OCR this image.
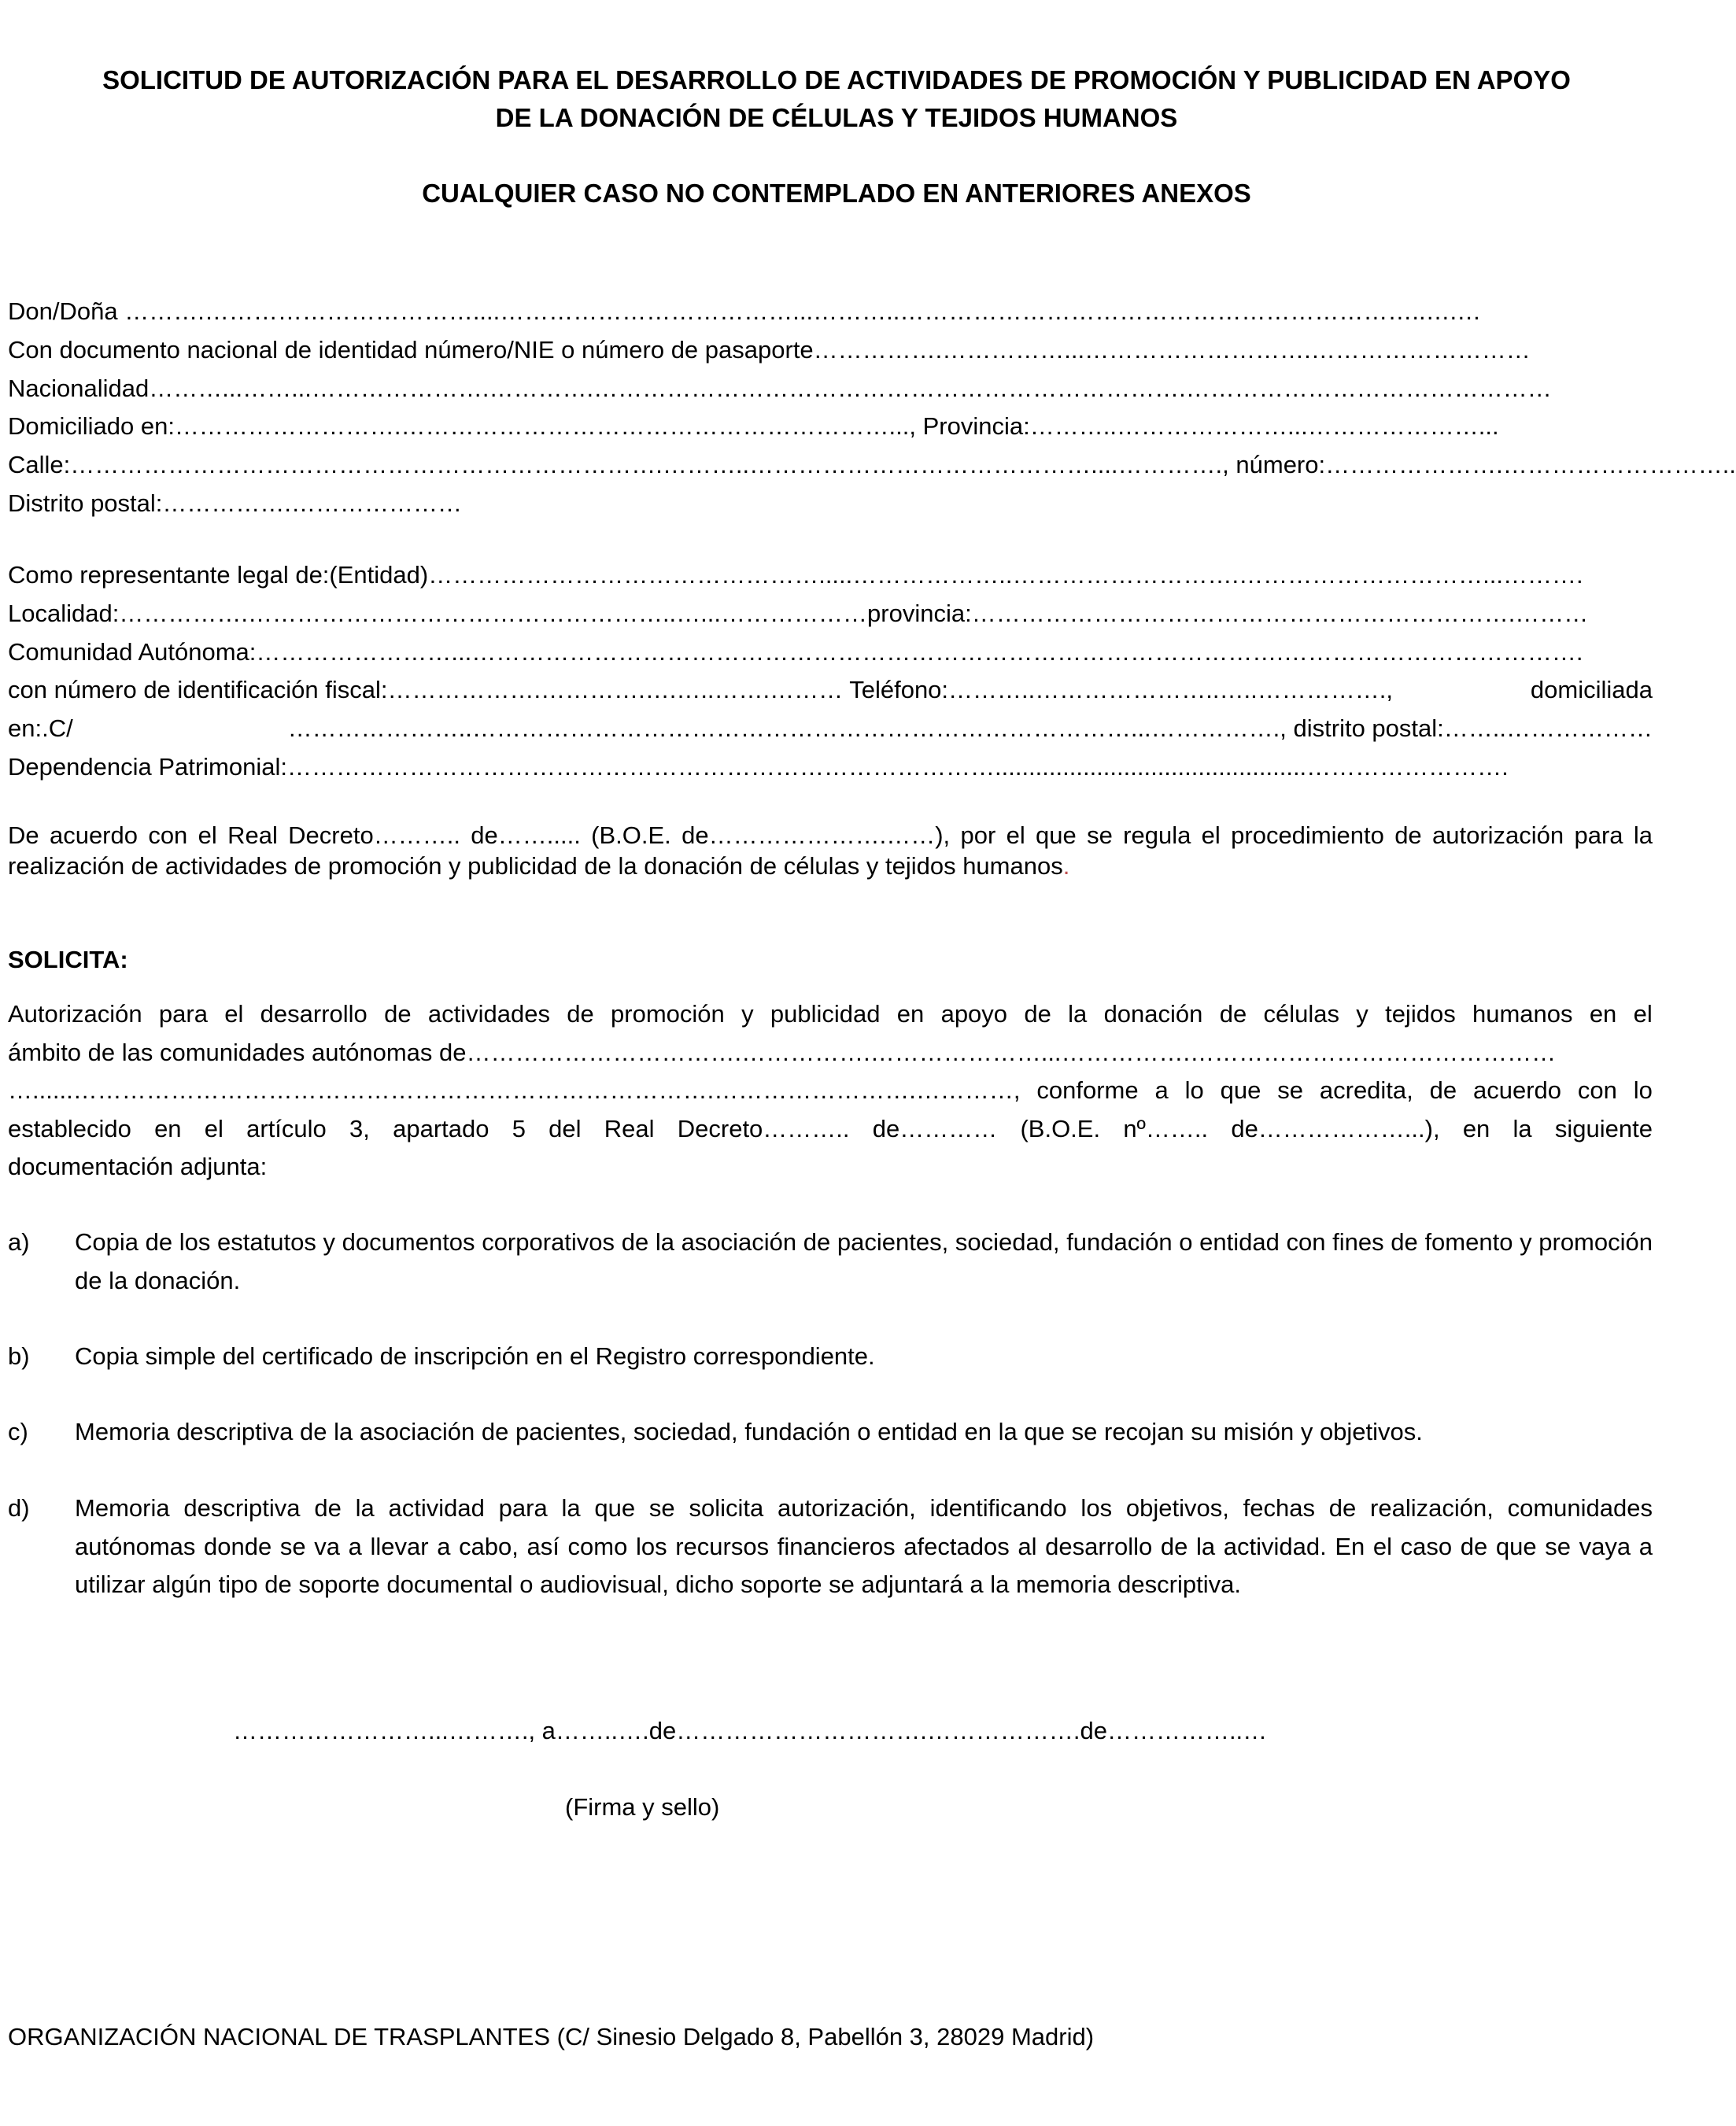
SOLICITUD DE AUTORIZACIÓN PARA EL DESARROLLO DE ACTIVIDADES DE PROMOCIÓN Y PUBLICIDAD EN APOYO
DE LA DONACIÓN DE CÉLULAS Y TEJIDOS HUMANOS
CUALQUIER CASO NO CONTEMPLADO EN ANTERIORES ANEXOS
Don/Doña ……….……………………………....………………………………...………..………………………………………………………..….…
Con documento nacional de identidad número/NIE o número de pasaporte…………….……………...……………………….………………………
Nacionalidad………...……...………………….………….……………………………………………………………….………………………………………
Domiciliado en:……………………….……………………………………………………..., Provincia:………..…………………...…………………...
Calle:……………………………………………………………….………..……………………………………....…………., número:………………….………………………..
Distrito postal:…………….…………………
Como representante legal de:(Entidad)………………………………………….....………………..……………………….…………………………...……….
Localidad:…………….……………………………………………..…...………………provincia:………………………………………………………….………
Comunidad Autónoma:……………………...……………………………………………………………………………………….……………………………….
con número de identificación fiscal:……………….………….….…..…….……… Teléfono:………..…………………..…..…………….,	domiciliada
en:.C/	…………………..………………………………………………………………………...……………., distrito postal:……..………………
Dependencia Patrimonial:……………………………………………………………………………..............................................…………………….
De acuerdo con el Real Decreto……….. de……..... (B.O.E. de………………….……), por el que se regula el procedimiento de autorización para la realización de actividades de promoción y publicidad de la donación de células y tejidos humanos.
SOLICITA:
Autorización para el desarrollo de actividades de promoción y publicidad en apoyo de la donación de células y tejidos humanos en el
ámbito de las comunidades autónomas de…………………………….…………….…………………...…………….………………………………………
…......…………………………………………………………………….…………………….…………, conforme a lo que se acredita, de acuerdo con lo
establecido en el artículo 3, apartado 5 del Real Decreto……….. de………… (B.O.E. nº…….. de………………...), en la siguiente
documentación adjunta:
a)	Copia de los estatutos y documentos corporativos de la asociación de pacientes, sociedad, fundación o entidad con fines de fomento y promoción de la donación.
b)	Copia simple del certificado de inscripción en el Registro correspondiente.
c)	Memoria descriptiva de la asociación de pacientes, sociedad, fundación o entidad en la que se recojan su misión y objetivos.
d)	Memoria descriptiva de la actividad para la que se solicita autorización, identificando los objetivos, fechas de realización, comunidades autónomas donde se va a llevar a cabo, así como los recursos financieros afectados al desarrollo de la actividad. En el caso de que se vaya a utilizar algún tipo de soporte documental o audiovisual, dicho soporte se adjuntará a la memoria descriptiva.
……………………...………., a……..….de………………………….……………….de……………..…
(Firma y sello)
ORGANIZACIÓN NACIONAL DE TRASPLANTES (C/ Sinesio Delgado 8, Pabellón 3, 28029 Madrid)
